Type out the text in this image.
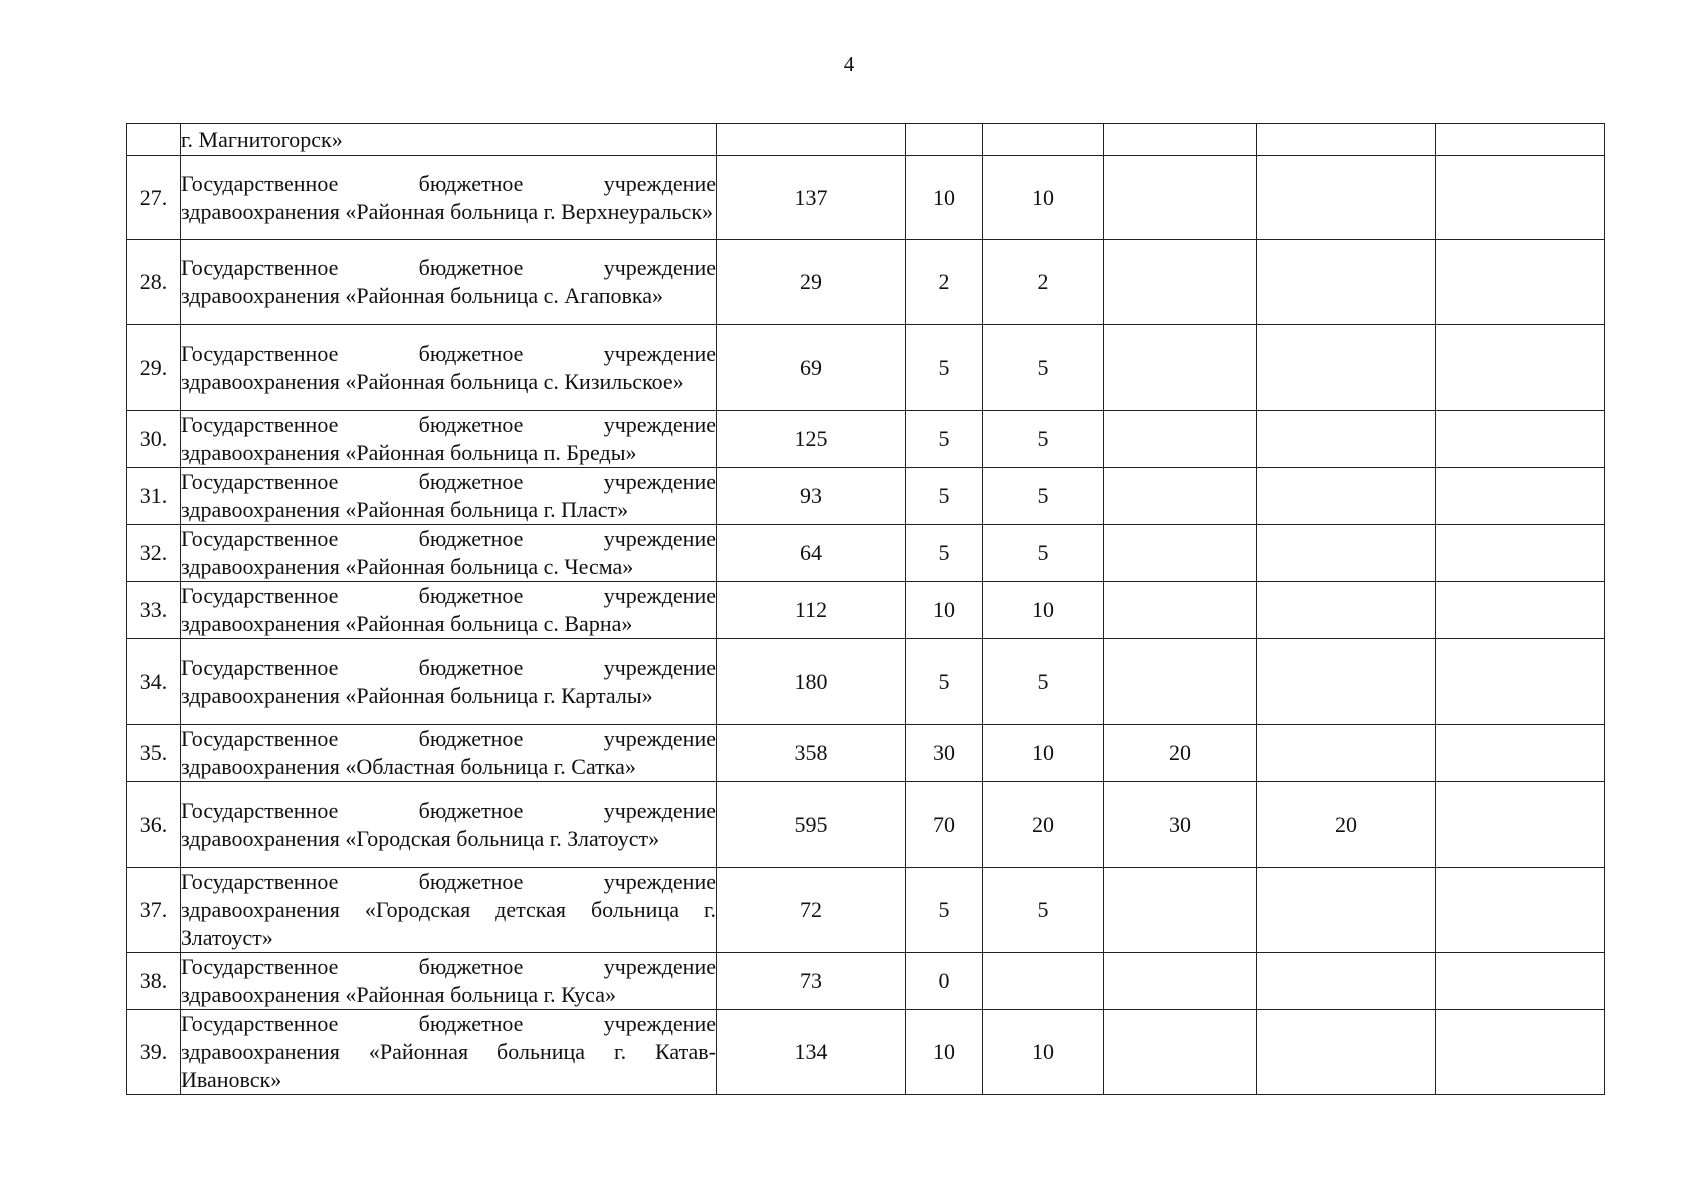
4
	г. Магнитогорск»						
27.	Государственное бюджетное учреждение здравоохранения «Районная больница г. Верхнеуральск»	137	10	10			
28.	Государственное бюджетное учреждение здравоохранения «Районная больница с. Агаповка»	29	2	2			
29.	Государственное бюджетное учреждение здравоохранения «Районная больница с. Кизильское»	69	5	5			
30.	Государственное бюджетное учреждение здравоохранения «Районная больница п. Бреды»	125	5	5			
31.	Государственное бюджетное учреждение здравоохранения «Районная больница г. Пласт»	93	5	5			
32.	Государственное бюджетное учреждение здравоохранения «Районная больница с. Чесма»	64	5	5			
33.	Государственное бюджетное учреждение здравоохранения «Районная больница с. Варна»	112	10	10			
34.	Государственное бюджетное учреждение здравоохранения «Районная больница г. Карталы»	180	5	5			
35.	Государственное бюджетное учреждение здравоохранения «Областная больница г. Сатка»	358	30	10	20		
36.	Государственное бюджетное учреждение здравоохранения «Городская больница г. Златоуст»	595	70	20	30	20	
37.	Государственное бюджетное учреждение здравоохранения «Городская детская больница г. Златоуст»	72	5	5			
38.	Государственное бюджетное учреждение здравоохранения «Районная больница г. Куса»	73	0				
39.	Государственное бюджетное учреждение здравоохранения «Районная больница г. Катав-Ивановск»	134	10	10			
